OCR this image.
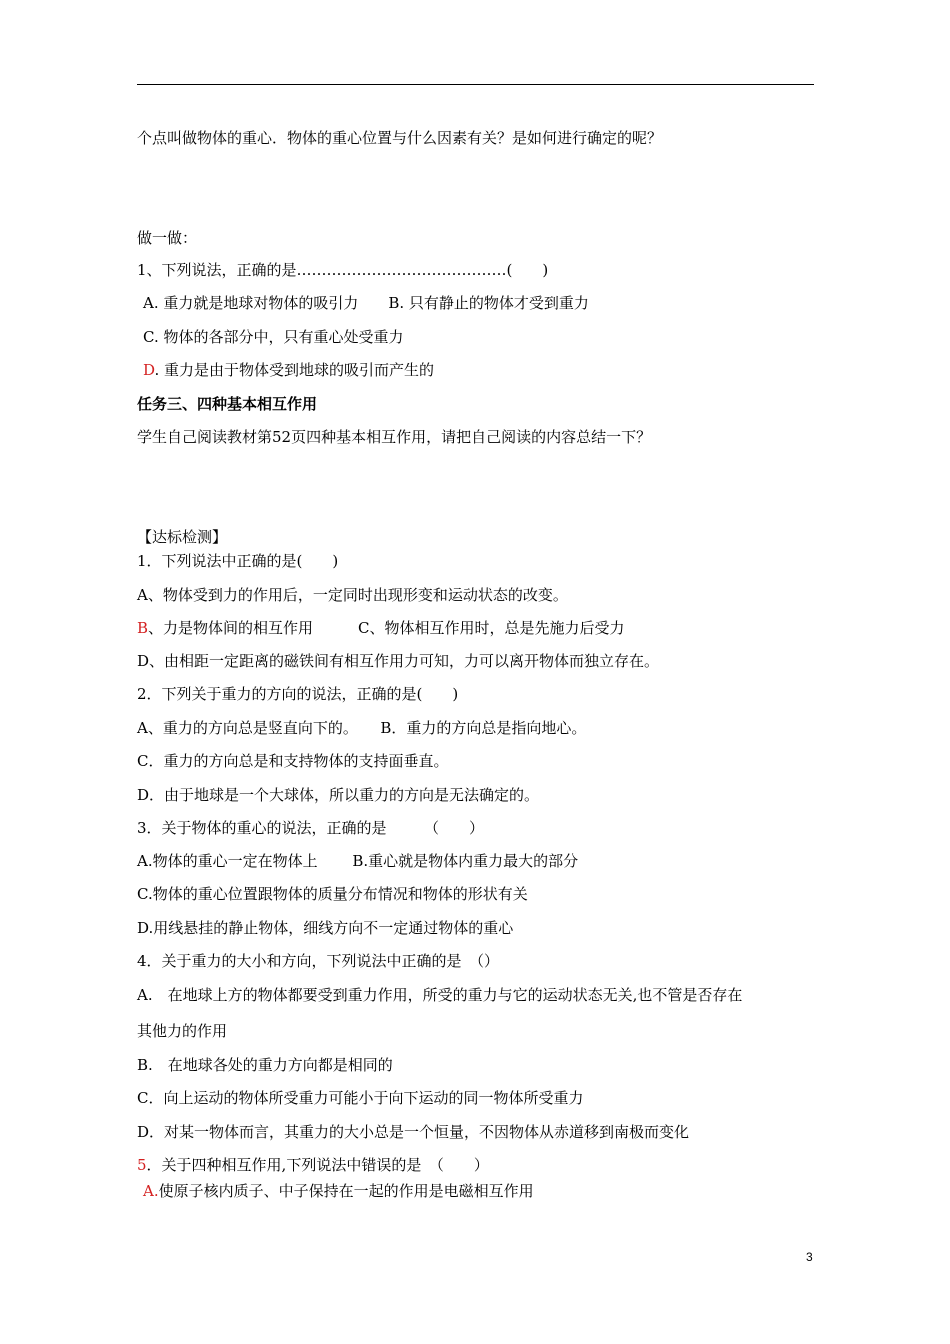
个点叫做物体的重心．物体的重心位置与什么因素有关？是如何进行确定的呢？
做一做：
1、下列说法，正确的是……………………………………(　　)
A. 重力就是地球对物体的吸引力　　B. 只有静止的物体才受到重力
C. 物体的各部分中，只有重心处受重力
D. 重力是由于物体受到地球的吸引而产生的
任务三、四种基本相互作用
学生自己阅读教材第52页四种基本相互作用，请把自己阅读的内容总结一下？
【达标检测】
1．下列说法中正确的是(　　)
A、物体受到力的作用后，一定同时出现形变和运动状态的改变。
B、力是物体间的相互作用　　　C、物体相互作用时，总是先施力后受力
D、由相距一定距离的磁铁间有相互作用力可知，力可以离开物体而独立存在。
2．下列关于重力的方向的说法，正确的是(　　)
A、重力的方向总是竖直向下的。　　B．重力的方向总是指向地心。
C．重力的方向总是和支持物体的支持面垂直。
D．由于地球是一个大球体，所以重力的方向是无法确定的。
3．关于物体的重心的说法，正确的是　　　（　　）
A.物体的重心一定在物体上　　 B.重心就是物体内重力最大的部分
C.物体的重心位置跟物体的质量分布情况和物体的形状有关
D.用线悬挂的静止物体，细线方向不一定通过物体的重心
4．关于重力的大小和方向，下列说法中正确的是　（）
A.　在地球上方的物体都要受到重力作用，所受的重力与它的运动状态无关,也不管是否存在
其他力的作用
B.　在地球各处的重力方向都是相同的
C．向上运动的物体所受重力可能小于向下运动的同一物体所受重力
D．对某一物体而言，其重力的大小总是一个恒量，不因物体从赤道移到南极而变化
5．关于四种相互作用,下列说法中错误的是　（　　）
A.使原子核内质子、中子保持在一起的作用是电磁相互作用
3
